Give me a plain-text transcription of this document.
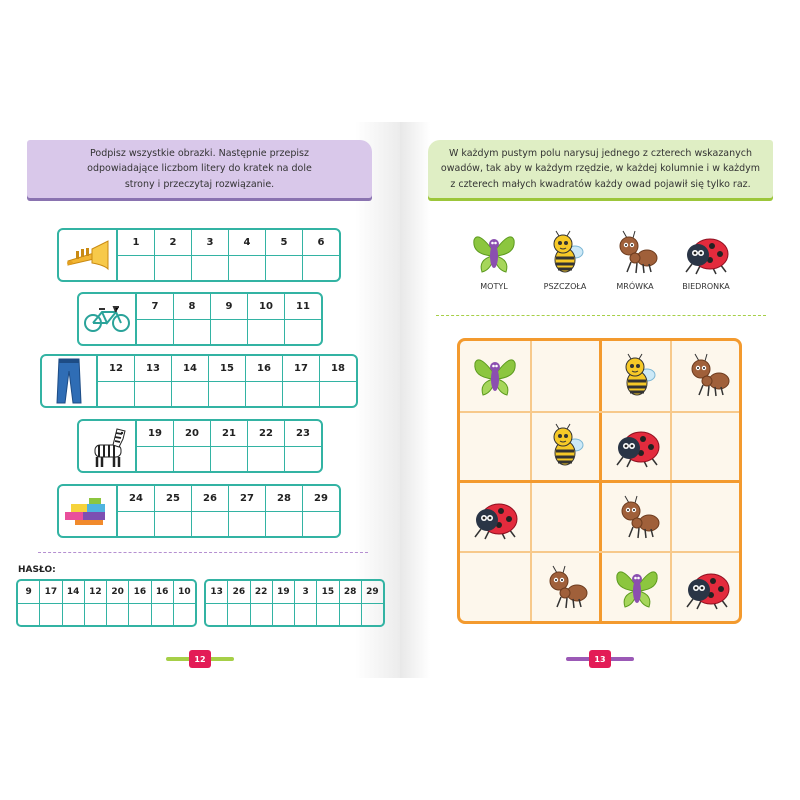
Podpisz wszystkie obrazki. Następnie przepisz odpowiadające liczbom litery do kratek na dole strony i przeczytaj rozwiązanie.
1	2	3	4	5	6
7	8	9	10	11
12	13	14	15	16	17	18
19	20	21	22	23
24	25	26	27	28	29
HASŁO:
9	17	14	12	20	16	16	10	13	26	22	19	3	15	28	29
12
W każdym pustym polu narysuj jednego z czterech wskazanych owadów, tak aby w każdym rzędzie, w każdej kolumnie i w każdym z czterech małych kwadratów każdy owad pojawił się tylko raz.
MOTYL	PSZCZOŁA	MRÓWKA	BIEDRONKA
13
